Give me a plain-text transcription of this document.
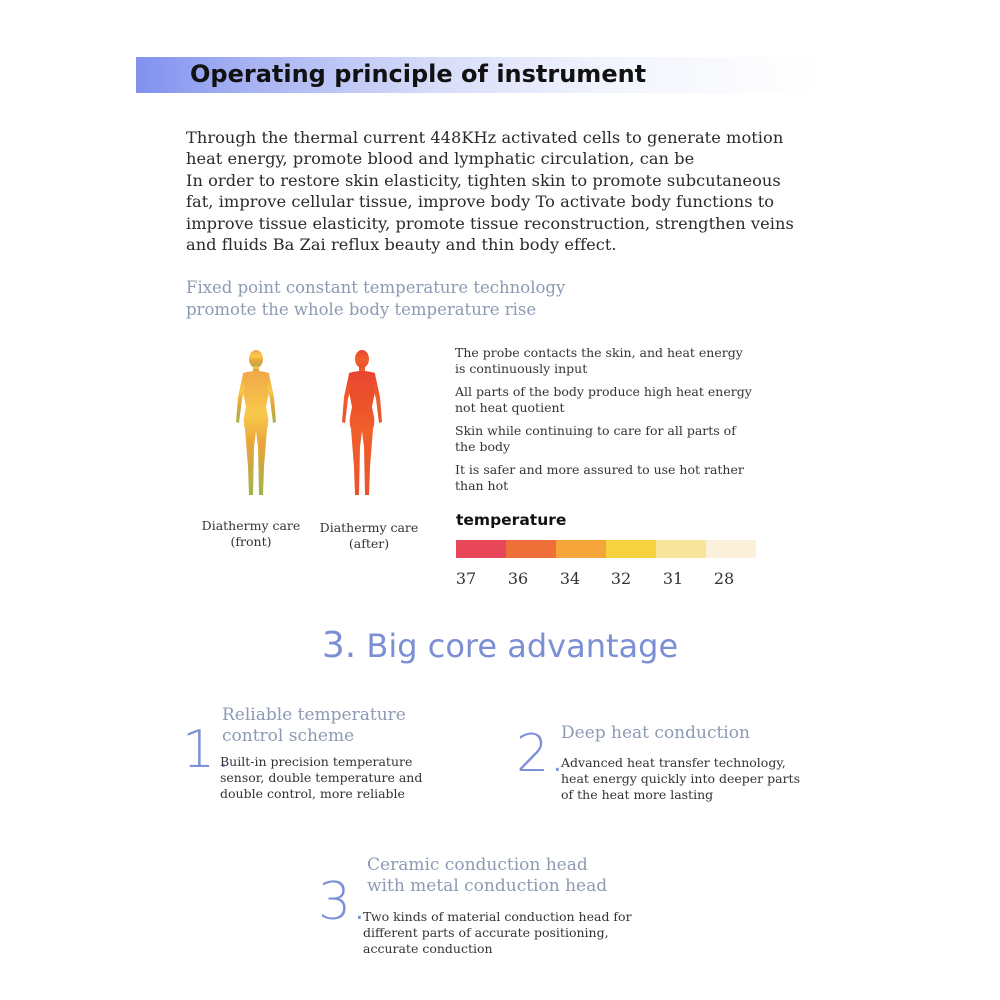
Operating principle of instrument

Through the thermal current 448KHz activated cells to generate motion

heat energy, promote blood and lymphatic circulation, can be

In order to restore skin elasticity, tighten skin to promote subcutaneous

fat, improve cellular tissue, improve body To activate body functions to

improve tissue elasticity, promote tissue reconstruction, strengthen veins

and fluids Ba Zai reflux beauty and thin body effect.

Fixed point constant temperature technology

promote the whole body temperature rise

Diathermy care
(front)
Diathermy care
(after)

The probe contacts the skin, and heat energy
is continuously input

All parts of the body produce high heat energy
not heat quotient

Skin while continuing to care for all parts of
the body

It is safer and more assured to use hot rather
than hot

temperature
37 36 34 32 31 28
3. Big core advantage
1.

Reliable temperature

control scheme

Built-in precision temperature

sensor, double temperature and

double control, more reliable

2.

Deep heat conduction

Advanced heat transfer technology,

heat energy quickly into deeper parts

of the heat more lasting

3.

Ceramic conduction head

with metal conduction head

Two kinds of material conduction head for

different parts of accurate positioning,

accurate conduction
